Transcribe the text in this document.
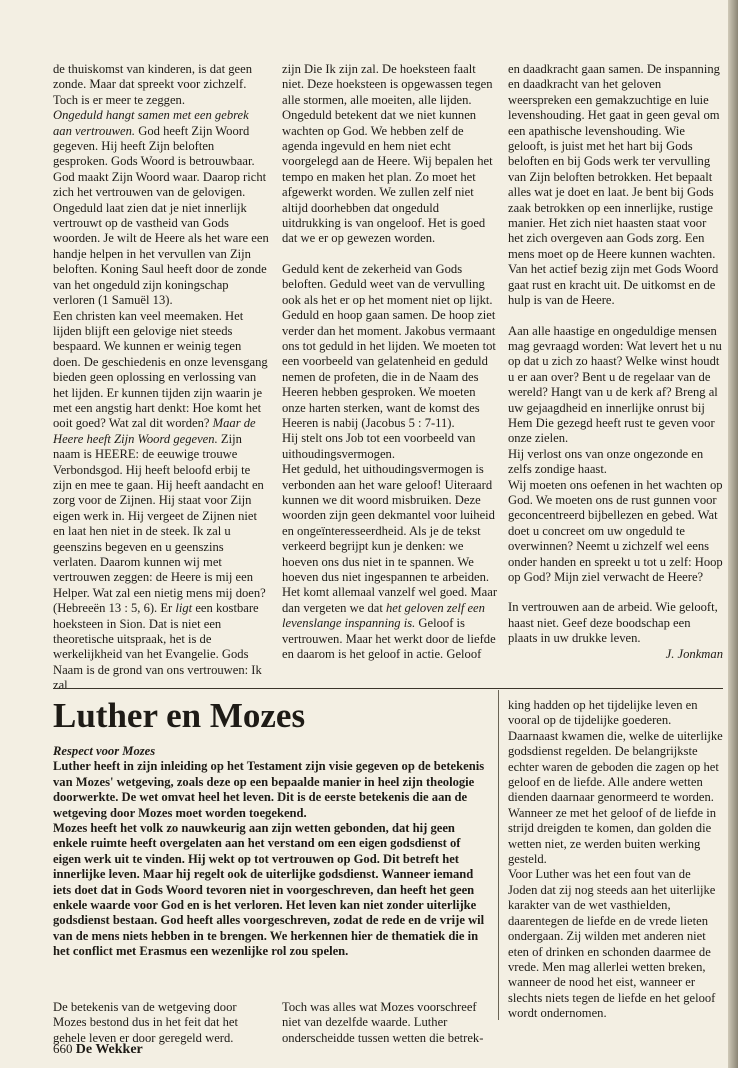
de thuiskomst van kinderen, is dat geen zonde. Maar dat spreekt voor zichzelf. Toch is er meer te zeggen.

Ongeduld hangt samen met een gebrek aan vertrouwen. God heeft Zijn Woord gegeven. Hij heeft Zijn beloften gesproken. Gods Woord is betrouwbaar. God maakt Zijn Woord waar. Daarop richt zich het vertrouwen van de gelovigen. Ongeduld laat zien dat je niet innerlijk vertrouwt op de vastheid van Gods woorden. Je wilt de Heere als het ware een handje helpen in het vervullen van Zijn beloften. Koning Saul heeft door de zonde van het ongeduld zijn koningschap verloren (1 Samuël 13).

Een christen kan veel meemaken. Het lijden blijft een gelovige niet steeds bespaard. We kunnen er weinig tegen doen. De geschiedenis en onze levensgang bieden geen oplossing en verlossing van het lijden. Er kunnen tijden zijn waarin je met een angstig hart denkt: Hoe komt het ooit goed? Wat zal dit worden? Maar de Heere heeft Zijn Woord gegeven. Zijn naam is HEERE: de eeuwige trouwe Verbondsgod. Hij heeft beloofd erbij te zijn en mee te gaan. Hij heeft aandacht en zorg voor de Zijnen. Hij staat voor Zijn eigen werk in. Hij vergeet de Zijnen niet en laat hen niet in de steek. Ik zal u geenszins begeven en u geenszins verlaten. Daarom kunnen wij met vertrouwen zeggen: de Heere is mij een Helper. Wat zal een nietig mens mij doen? (Hebreeën 13 : 5, 6). Er ligt een kostbare hoeksteen in Sion. Dat is niet een theoretische uitspraak, het is de werkelijkheid van het Evangelie. Gods Naam is de grond van ons vertrouwen: Ik zal

zijn Die Ik zijn zal. De hoeksteen faalt niet. Deze hoeksteen is opgewassen tegen alle stormen, alle moeiten, alle lijden. Ongeduld betekent dat we niet kunnen wachten op God. We hebben zelf de agenda ingevuld en hem niet echt voorgelegd aan de Heere. Wij bepalen het tempo en maken het plan. Zo moet het afgewerkt worden. We zullen zelf niet altijd doorhebben dat ongeduld uitdrukking is van ongeloof. Het is goed dat we er op gewezen worden.

Geduld kent de zekerheid van Gods beloften. Geduld weet van de vervulling ook als het er op het moment niet op lijkt. Geduld en hoop gaan samen. De hoop ziet verder dan het moment. Jakobus vermaant ons tot geduld in het lijden. We moeten tot een voorbeeld van gelatenheid en geduld nemen de profeten, die in de Naam des Heeren hebben gesproken. We moeten onze harten sterken, want de komst des Heeren is nabij (Jacobus 5 : 7-11).

Hij stelt ons Job tot een voorbeeld van uithoudingsvermogen.

Het geduld, het uithoudingsvermogen is verbonden aan het ware geloof! Uiteraard kunnen we dit woord misbruiken. Deze woorden zijn geen dekmantel voor luiheid en ongeïnteresseerdheid. Als je de tekst verkeerd begrijpt kun je denken: we hoeven ons dus niet in te spannen. We hoeven dus niet ingespannen te arbeiden. Het komt allemaal vanzelf wel goed. Maar dan vergeten we dat het geloven zelf een levenslange inspanning is. Geloof is vertrouwen. Maar het werkt door de liefde en daarom is het geloof in actie. Geloof

en daadkracht gaan samen. De inspanning en daadkracht van het geloven weerspreken een gemakzuchtige en luie levenshouding. Het gaat in geen geval om een apathische levenshouding. Wie gelooft, is juist met het hart bij Gods beloften en bij Gods werk ter vervulling van Zijn beloften betrokken. Het bepaalt alles wat je doet en laat. Je bent bij Gods zaak betrokken op een innerlijke, rustige manier. Het zich niet haasten staat voor het zich overgeven aan Gods zorg. Een mens moet op de Heere kunnen wachten. Van het actief bezig zijn met Gods Woord gaat rust en kracht uit. De uitkomst en de hulp is van de Heere.

Aan alle haastige en ongeduldige mensen mag gevraagd worden: Wat levert het u nu op dat u zich zo haast? Welke winst houdt u er aan over? Bent u de regelaar van de wereld? Hangt van u de kerk af? Breng al uw gejaagdheid en innerlijke onrust bij Hem Die gezegd heeft rust te geven voor onze zielen.

Hij verlost ons van onze ongezonde en zelfs zondige haast.

Wij moeten ons oefenen in het wachten op God. We moeten ons de rust gunnen voor geconcentreerd bijbellezen en gebed. Wat doet u concreet om uw ongeduld te overwinnen? Neemt u zichzelf wel eens onder handen en spreekt u tot u zelf: Hoop op God? Mijn ziel verwacht de Heere?

In vertrouwen aan de arbeid. Wie gelooft, haast niet. Geef deze boodschap een plaats in uw drukke leven.

J. Jonkman

Luther en Mozes

Respect voor Mozes

Luther heeft in zijn inleiding op het Testament zijn visie gegeven op de betekenis van Mozes' wetgeving, zoals deze op een bepaalde manier in heel zijn theologie doorwerkte. De wet omvat heel het leven. Dit is de eerste betekenis die aan de wetgeving door Mozes moet worden toegekend.

Mozes heeft het volk zo nauwkeurig aan zijn wetten gebonden, dat hij geen enkele ruimte heeft overgelaten aan het verstand om een eigen godsdienst of eigen werk uit te vinden. Hij wekt op tot vertrouwen op God. Dit betreft het innerlijke leven. Maar hij regelt ook de uiterlijke godsdienst. Wanneer iemand iets doet dat in Gods Woord tevoren niet in voorgeschreven, dan heeft het geen enkele waarde voor God en is het verloren. Het leven kan niet zonder uiterlijke godsdienst bestaan. God heeft alles voorgeschreven, zodat de rede en de vrije wil van de mens niets hebben in te brengen. We herkennen hier de thematiek die in het conflict met Erasmus een wezenlijke rol zou spelen.

De betekenis van de wetgeving door Mozes bestond dus in het feit dat het gehele leven er door geregeld werd.

Toch was alles wat Mozes voorschreef niet van dezelfde waarde. Luther onderscheidde tussen wetten die betrek-

king hadden op het tijdelijke leven en vooral op de tijdelijke goederen. Daarnaast kwamen die, welke de uiterlijke godsdienst regelden. De belangrijkste echter waren de geboden die zagen op het geloof en de liefde. Alle andere wetten dienden daarnaar genormeerd te worden. Wanneer ze met het geloof of de liefde in strijd dreigden te komen, dan golden die wetten niet, ze werden buiten werking gesteld.

Voor Luther was het een fout van de Joden dat zij nog steeds aan het uiterlijke karakter van de wet vasthielden, daarentegen de liefde en de vrede lieten ondergaan. Zij wilden met anderen niet eten of drinken en schonden daarmee de vrede. Men mag allerlei wetten breken, wanneer de nood het eist, wanneer er slechts niets tegen de liefde en het geloof wordt ondernomen.

660 De Wekker
